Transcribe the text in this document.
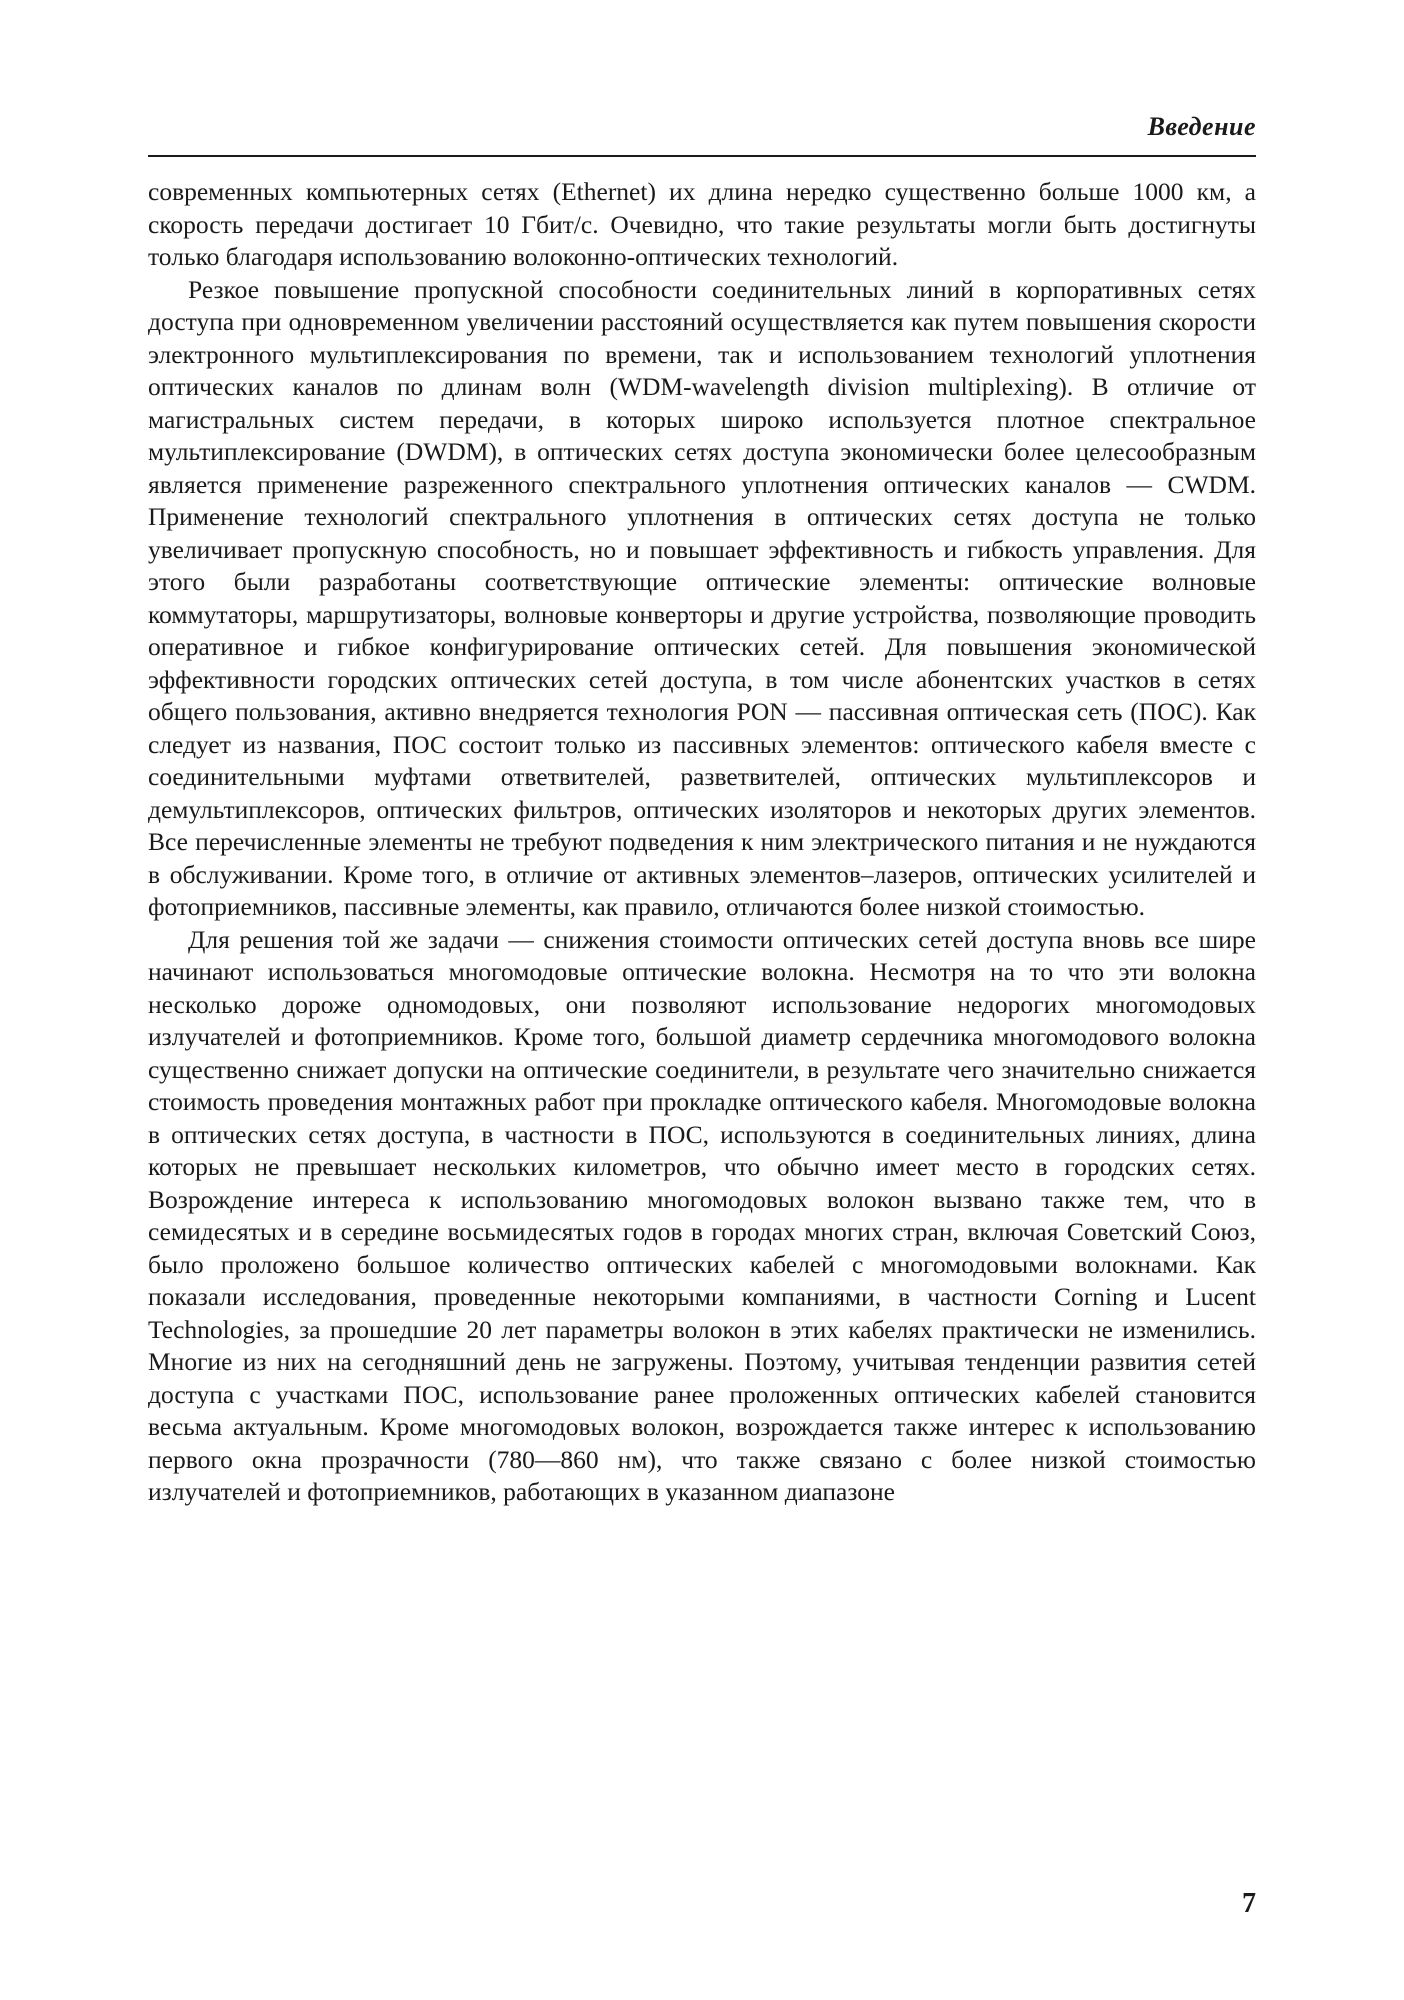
Введение

современных компьютерных сетях (Ethernet) их длина нередко существенно больше 1000 км, а скорость передачи достигает 10 Гбит/с. Очевидно, что такие результаты могли быть достигнуты только благодаря использованию волоконно-оптических технологий.

Резкое повышение пропускной способности соединительных линий в корпоративных сетях доступа при одновременном увеличении расстояний осуществляется как путем повышения скорости электронного мультиплексирования по времени, так и использованием технологий уплотнения оптических каналов по длинам волн (WDM-wavelength division multiplexing). В отличие от магистральных систем передачи, в которых широко используется плотное спектральное мультиплексирование (DWDM), в оптических сетях доступа экономически более целесообразным является применение разреженного спектрального уплотнения оптических каналов — CWDM. Применение технологий спектрального уплотнения в оптических сетях доступа не только увеличивает пропускную способность, но и повышает эффективность и гибкость управления. Для этого были разработаны соответствующие оптические элементы: оптические волновые коммутаторы, маршрутизаторы, волновые конверторы и другие устройства, позволяющие проводить оперативное и гибкое конфигурирование оптических сетей. Для повышения экономической эффективности городских оптических сетей доступа, в том числе абонентских участков в сетях общего пользования, активно внедряется технология PON — пассивная оптическая сеть (ПОС). Как следует из названия, ПОС состоит только из пассивных элементов: оптического кабеля вместе с соединительными муфтами ответвителей, разветвителей, оптических мультиплексоров и демультиплексоров, оптических фильтров, оптических изоляторов и некоторых других элементов. Все перечисленные элементы не требуют подведения к ним электрического питания и не нуждаются в обслуживании. Кроме того, в отличие от активных элементов–лазеров, оптических усилителей и фотоприемников, пассивные элементы, как правило, отличаются более низкой стоимостью.

Для решения той же задачи — снижения стоимости оптических сетей доступа вновь все шире начинают использоваться многомодовые оптические волокна. Несмотря на то что эти волокна несколько дороже одномодовых, они позволяют использование недорогих многомодовых излучателей и фотоприемников. Кроме того, большой диаметр сердечника многомодового волокна существенно снижает допуски на оптические соединители, в результате чего значительно снижается стоимость проведения монтажных работ при прокладке оптического кабеля. Многомодовые волокна в оптических сетях доступа, в частности в ПОС, используются в соединительных линиях, длина которых не превышает нескольких километров, что обычно имеет место в городских сетях. Возрождение интереса к использованию многомодовых волокон вызвано также тем, что в семидесятых и в середине восьмидесятых годов в городах многих стран, включая Советский Союз, было проложено большое количество оптических кабелей с многомодовыми волокнами. Как показали исследования, проведенные некоторыми компаниями, в частности Corning и Lucent Technologies, за прошедшие 20 лет параметры волокон в этих кабелях практически не изменились. Многие из них на сегодняшний день не загружены. Поэтому, учитывая тенденции развития сетей доступа с участками ПОС, использование ранее проложенных оптических кабелей становится весьма актуальным. Кроме многомодовых волокон, возрождается также интерес к использованию первого окна прозрачности (780—860 нм), что также связано с более низкой стоимостью излучателей и фотоприемников, работающих в указанном диапазоне

7
